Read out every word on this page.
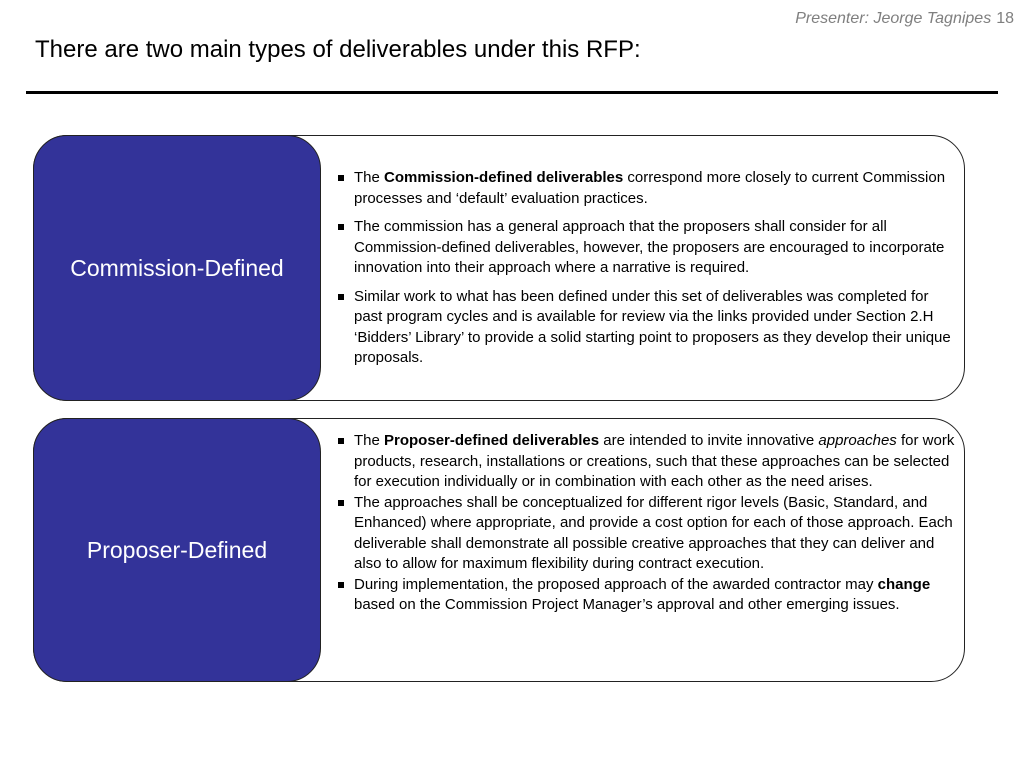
Presenter: Jeorge Tagnipes 18
There are two main types of deliverables under this RFP:
Commission-Defined
The Commission-defined deliverables correspond more closely to current Commission processes and ‘default’ evaluation practices.
The commission has a general approach that the proposers shall consider for all Commission-defined deliverables, however, the proposers are encouraged to incorporate innovation into their approach where a narrative is required.
Similar work to what has been defined under this set of deliverables was completed for past program cycles and is available for review via the links provided under Section 2.H ‘Bidders’ Library’ to provide a solid starting point to proposers as they develop their unique proposals.
Proposer-Defined
The Proposer-defined deliverables are intended to invite innovative approaches for work products, research, installations or creations, such that these approaches can be selected for execution individually or in combination with each other as the need arises.
The approaches shall be conceptualized for different rigor levels (Basic, Standard, and Enhanced) where appropriate, and provide a cost option for each of those approach. Each deliverable shall demonstrate all possible creative approaches that they can deliver and also to allow for maximum flexibility during contract execution.
During implementation, the proposed approach of the awarded contractor may change based on the Commission Project Manager’s approval and other emerging issues.
